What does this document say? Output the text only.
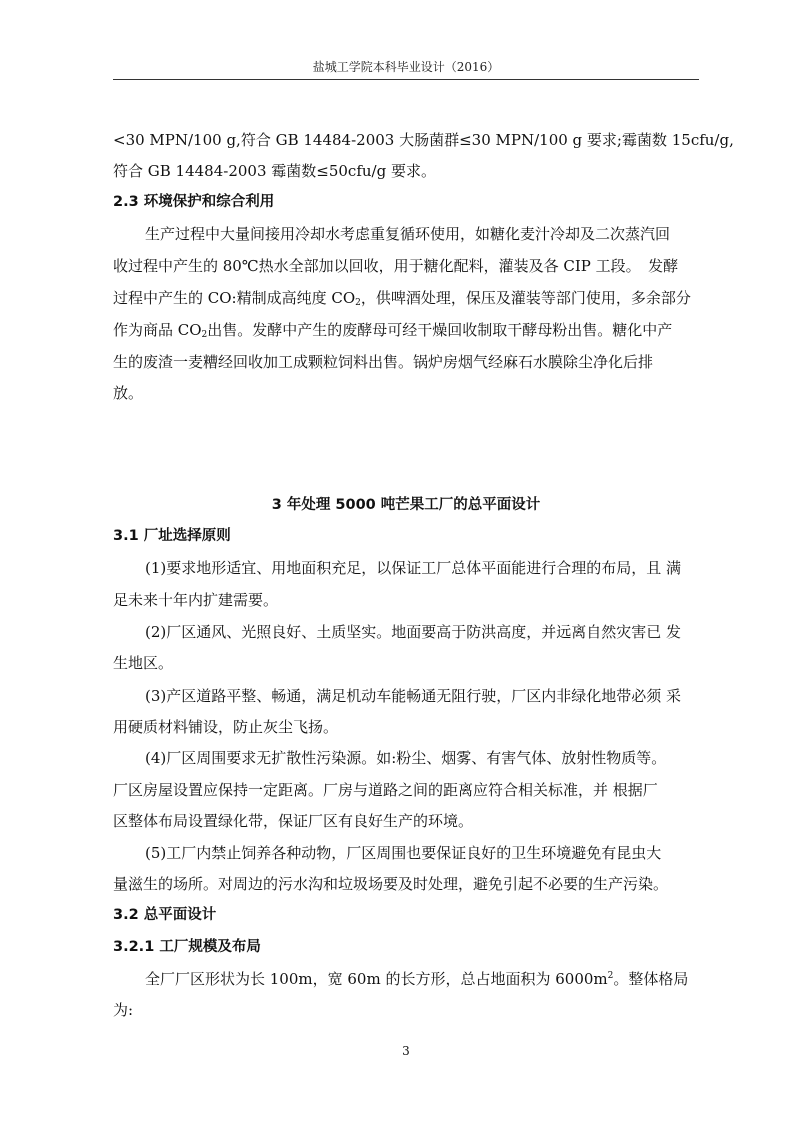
盐城工学院本科毕业设计（2016）
<30 MPN/100 g,符合 GB 14484-2003 大肠菌群≤30 MPN/100 g 要求;霉菌数 15cfu/g,
符合 GB 14484-2003 霉菌数≤50cfu/g 要求。
2.3 环境保护和综合利用
生产过程中大量间接用冷却水考虑重复循环使用，如糖化麦汁冷却及二次蒸汽回
收过程中产生的 80℃热水全部加以回收，用于糖化配料，灌装及各 CIP 工段。　发酵
过程中产生的 CO:精制成高纯度 $CO_2$，供啤酒处理，保压及灌装等部门使用，多余部分
作为商品 $CO_2$出售。发酵中产生的废酵母可经干燥回收制取干酵母粉出售。糖化中产
生的废渣一麦糟经回收加工成颗粒饲料出售。锅炉房烟气经麻石水膜除尘净化后排
放。
3 年处理 5000 吨芒果工厂的总平面设计
3.1 厂址选择原则
(1)要求地形适宜、用地面积充足，以保证工厂总体平面能进行合理的布局，且 满
足未来十年内扩建需要。
(2)厂区通风、光照良好、土质坚实。地面要高于防洪高度，并远离自然灾害已 发
生地区。
(3)产区道路平整、畅通，满足机动车能畅通无阻行驶，厂区内非绿化地带必须 采
用硬质材料铺设，防止灰尘飞扬。
(4)厂区周围要求无扩散性污染源。如:粉尘、烟雾、有害气体、放射性物质等。
厂区房屋设置应保持一定距离。厂房与道路之间的距离应符合相关标准，并 根据厂
区整体布局设置绿化带，保证厂区有良好生产的环境。
(5)工厂内禁止饲养各种动物，厂区周围也要保证良好的卫生环境避免有昆虫大
量滋生的场所。对周边的污水沟和垃圾场要及时处理，避免引起不必要的生产污染。
3.2 总平面设计
3.2.1 工厂规模及布局
全厂厂区形状为长 100m，宽 60m 的长方形，总占地面积为 $6000m^2$。整体格局
为:
3
